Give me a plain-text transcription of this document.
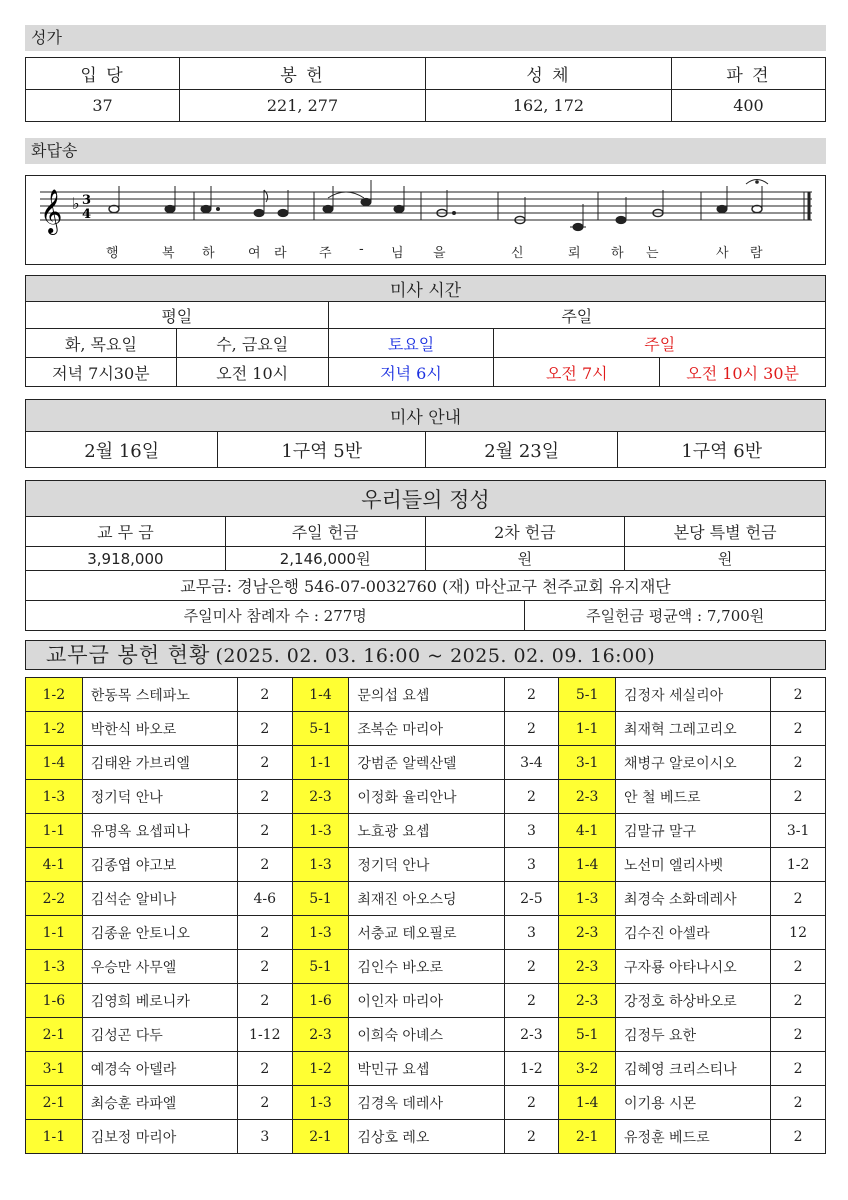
성가
입 당	봉 헌	성 체	파 견
37	221, 277	162, 172	400
화답송
𝄞 ♭ 3
4
행	복 하	여 라 주 - 님 을	신	뢰 하 는	사 람
미사 시간				
평일		주일		
화, 목요일	수, 금요일	토요일	주일	
저녁 7시30분	오전 10시	저녁 6시	오전 7시	오전 10시 30분
미사 안내
2월 16일	1구역 5반	2월 23일	1구역 6반
우리들의 정성				
교 무 금	주일 헌금	2차 헌금		본당 특별 헌금
3,918,000	2,146,000원	원		원
교무금: 경남은행 546-07-0032760 (재) 마산교구 천주교회 유지재단				
주일미사 참례자 수 : 277명			주일헌금 평균액 : 7,700원	
교무금 봉헌 현황 (2025. 02. 03. 16:00 ~ 2025. 02. 09. 16:00)
1-2	한동목 스테파노	2	1-4	문의섭 요셉	2	5-1	김정자 세실리아	2
1-2	박한식 바오로	2	5-1	조복순 마리아	2	1-1	최재혁 그레고리오	2
1-4	김태완 가브리엘	2	1-1	강범준 알렉산델	3-4	3-1	채병구 알로이시오	2
1-3	정기덕 안나	2	2-3	이정화 율리안나	2	2-3	안 철 베드로	2
1-1	유명옥 요셉피나	2	1-3	노효광 요셉	3	4-1	김말규 말구	3-1
4-1	김종엽 야고보	2	1-3	정기덕 안나	3	1-4	노선미 엘리사벳	1-2
2-2	김석순 알비나	4-6	5-1	최재진 아오스딩	2-5	1-3	최경숙 소화데레사	2
1-1	김종윤 안토니오	2	1-3	서충교 테오필로	3	2-3	김수진 아셀라	12
1-3	우승만 사무엘	2	5-1	김인수 바오로	2	2-3	구자룡 아타나시오	2
1-6	김영희 베로니카	2	1-6	이인자 마리아	2	2-3	강정호 하상바오로	2
2-1	김성곤 다두	1-12	2-3	이희숙 아녜스	2-3	5-1	김정두 요한	2
3-1	예경숙 아델라	2	1-2	박민규 요셉	1-2	3-2	김혜영 크리스티나	2
2-1	최승훈 라파엘	2	1-3	김경옥 데레사	2	1-4	이기용 시몬	2
1-1	김보정 마리아	3	2-1	김상호 레오	2	2-1	유정훈 베드로	2
